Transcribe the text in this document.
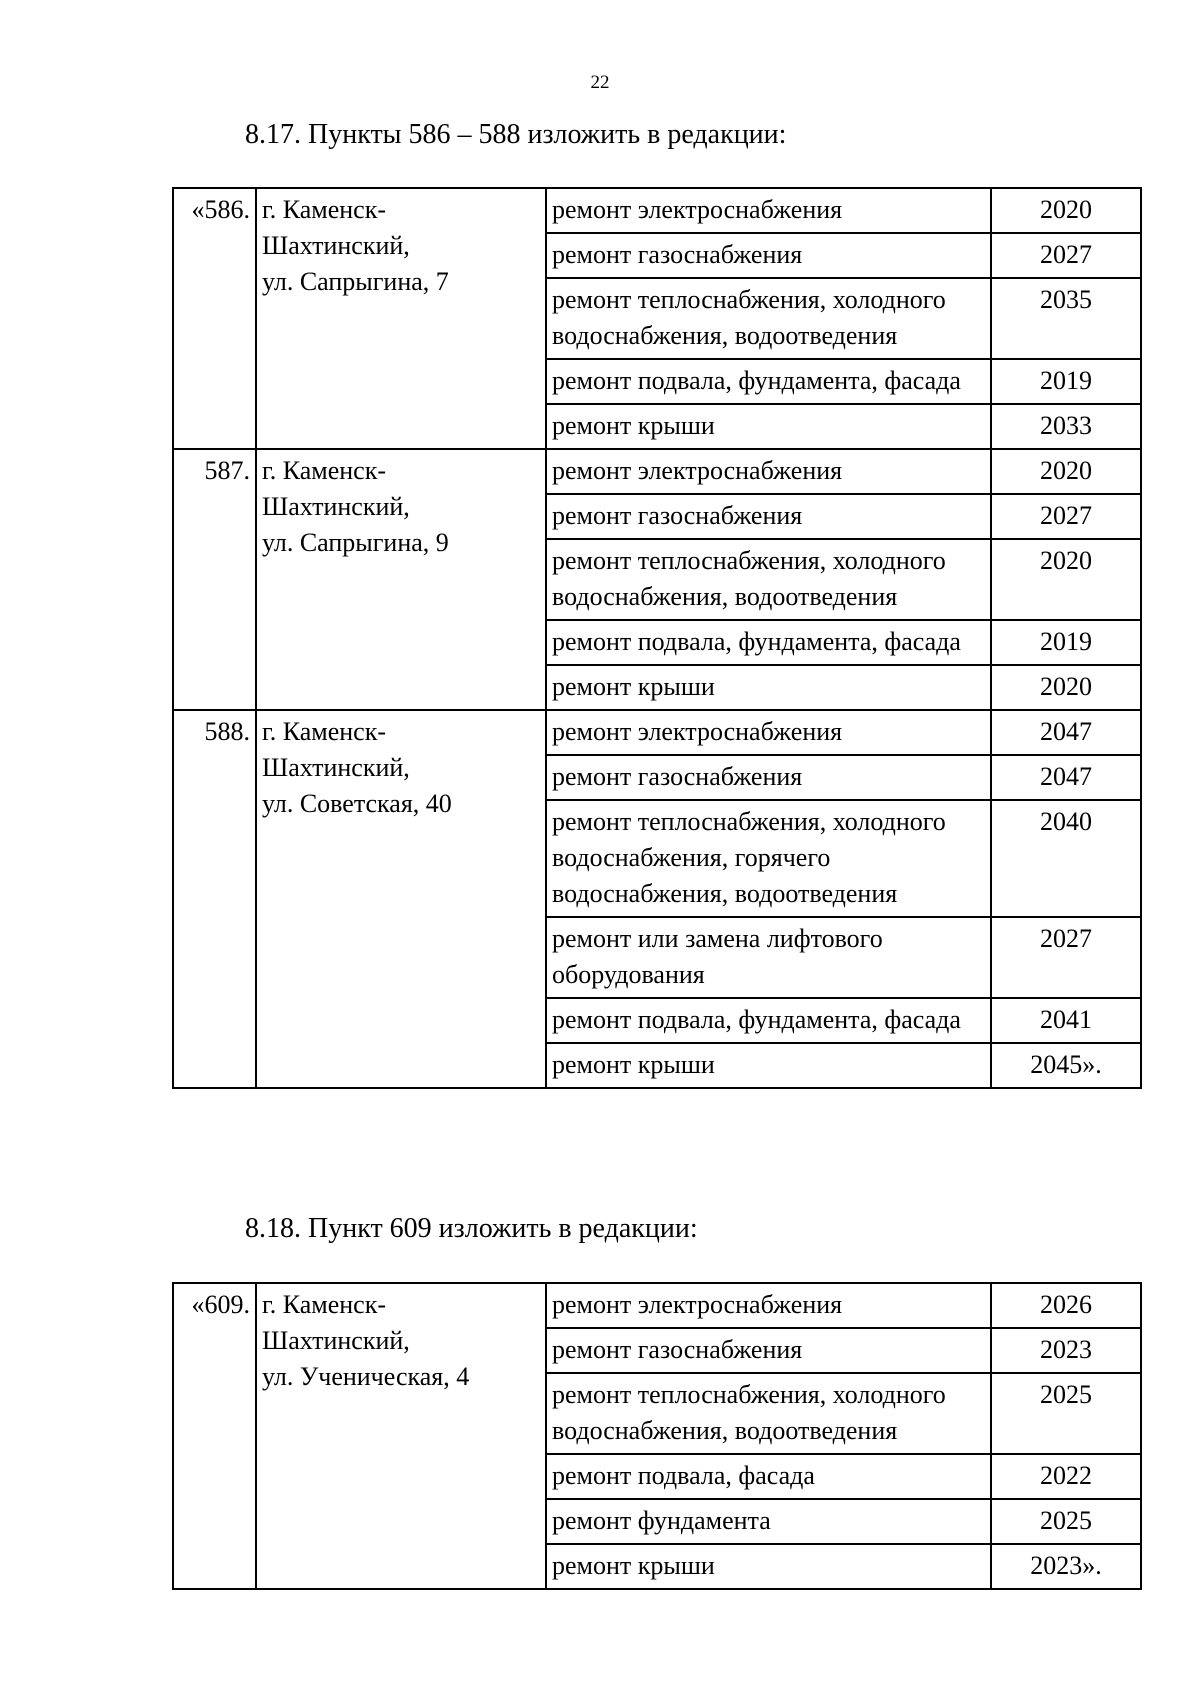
22
8.17. Пункты 586 – 588 изложить в редакции:
«586.	г. Каменск-
Шахтинский,
ул. Сапрыгина, 7	ремонт электроснабжения	2020
		ремонт газоснабжения	2027
		ремонт теплоснабжения, холодного водоснабжения, водоотведения	2035
		ремонт подвала, фундамента, фасада	2019
		ремонт крыши	2033
587.	г. Каменск-
Шахтинский,
ул. Сапрыгина, 9	ремонт электроснабжения	2020
		ремонт газоснабжения	2027
		ремонт теплоснабжения, холодного водоснабжения, водоотведения	2020
		ремонт подвала, фундамента, фасада	2019
		ремонт крыши	2020
588.	г. Каменск-
Шахтинский,
ул. Советская, 40	ремонт электроснабжения	2047
		ремонт газоснабжения	2047
		ремонт теплоснабжения, холодного водоснабжения, горячего водоснабжения, водоотведения	2040
		ремонт или замена лифтового оборудования	2027
		ремонт подвала, фундамента, фасада	2041
		ремонт крыши	2045».
8.18. Пункт 609 изложить в редакции:
«609.	г. Каменск-
Шахтинский,
ул. Ученическая, 4	ремонт электроснабжения	2026
		ремонт газоснабжения	2023
		ремонт теплоснабжения, холодного водоснабжения, водоотведения	2025
		ремонт подвала, фасада	2022
		ремонт фундамента	2025
		ремонт крыши	2023».
